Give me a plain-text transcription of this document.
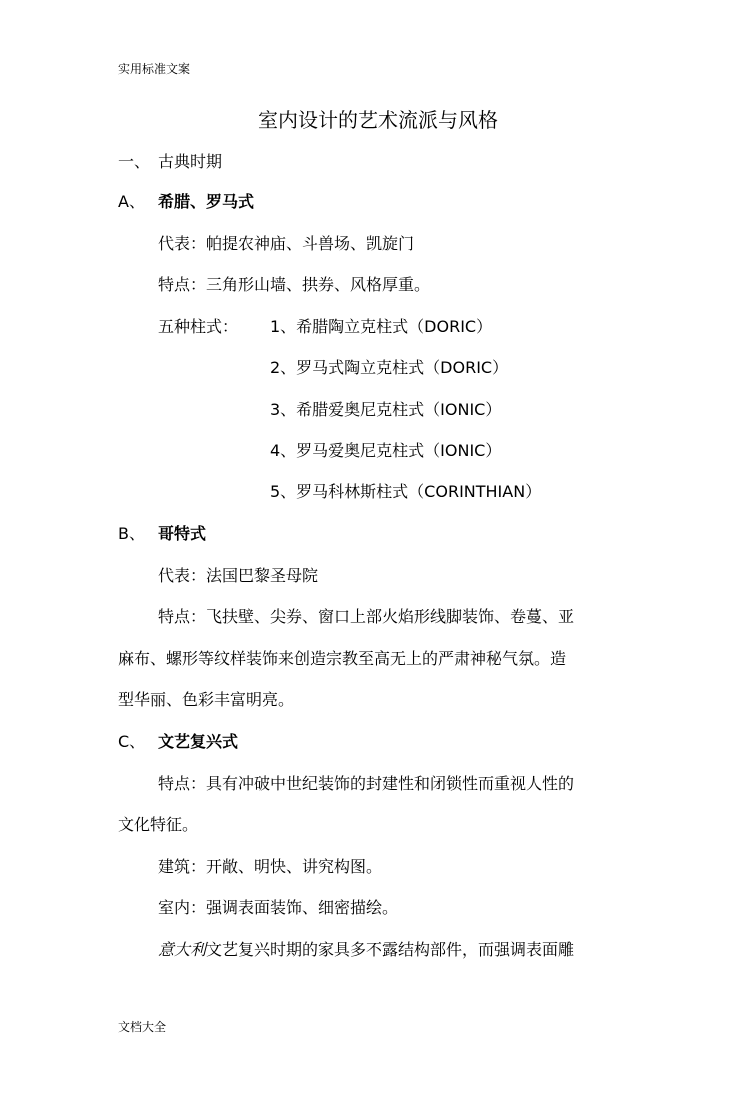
实用标准文案
室内设计的艺术流派与风格
一、 古典时期
A、 希腊、罗马式
代表：帕提农神庙、斗兽场、凯旋门
特点：三角形山墙、拱券、风格厚重。
五种柱式： 1、希腊陶立克柱式（DORIC）
2、罗马式陶立克柱式（DORIC）
3、希腊爱奥尼克柱式（IONIC）
4、罗马爱奥尼克柱式（IONIC）
5、罗马科林斯柱式（CORINTHIAN）
B、 哥特式
代表：法国巴黎圣母院
特点：飞扶壁、尖券、窗口上部火焰形线脚装饰、卷蔓、亚
麻布、螺形等纹样装饰来创造宗教至高无上的严肃神秘气氛。造
型华丽、色彩丰富明亮。
C、 文艺复兴式
特点：具有冲破中世纪装饰的封建性和闭锁性而重视人性的
文化特征。
建筑：开敞、明快、讲究构图。
室内：强调表面装饰、细密描绘。
意大利文艺复兴时期的家具多不露结构部件，而强调表面雕
文档大全
